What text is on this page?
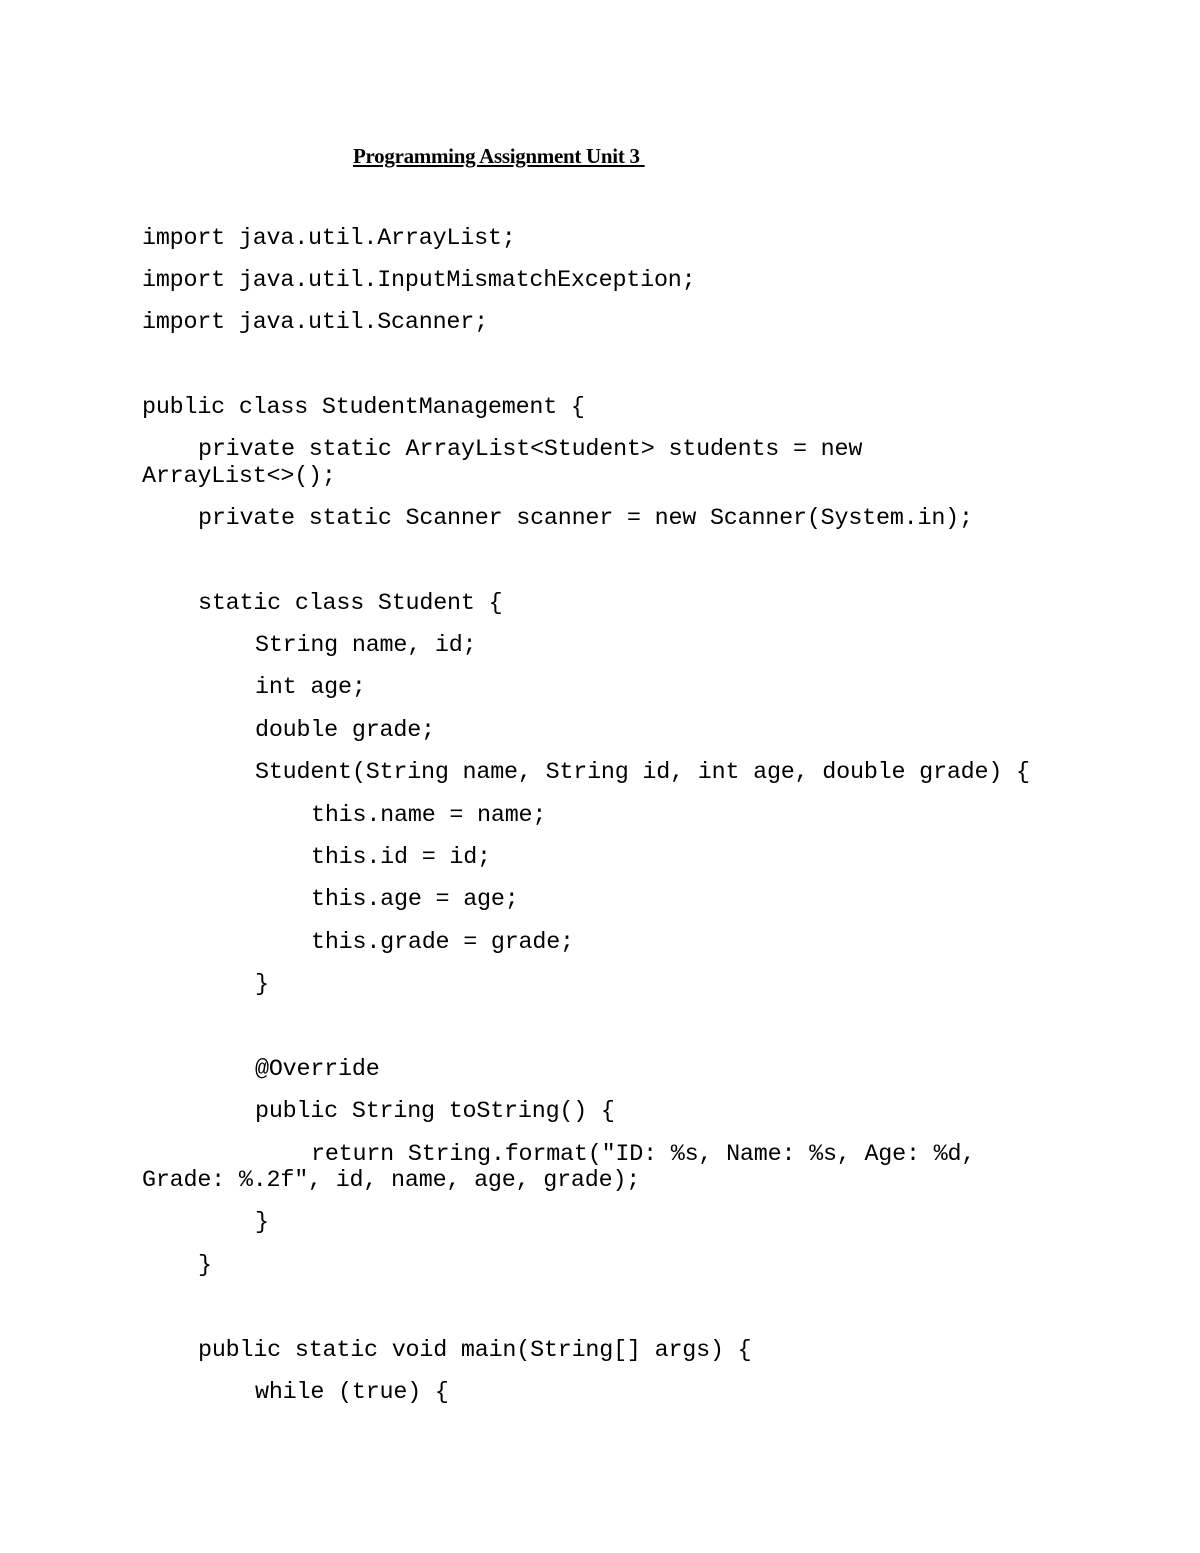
Programming Assignment Unit 3
import java.util.ArrayList;
import java.util.InputMismatchException;
import java.util.Scanner;
public class StudentManagement {
private static ArrayList<Student> students = new
ArrayList<>();
private static Scanner scanner = new Scanner(System.in);
static class Student {
String name, id;
int age;
double grade;
Student(String name, String id, int age, double grade) {
this.name = name;
this.id = id;
this.age = age;
this.grade = grade;
}
@Override
public String toString() {
return String.format("ID: %s, Name: %s, Age: %d,
Grade: %.2f", id, name, age, grade);
}
}
public static void main(String[] args) {
while (true) {
